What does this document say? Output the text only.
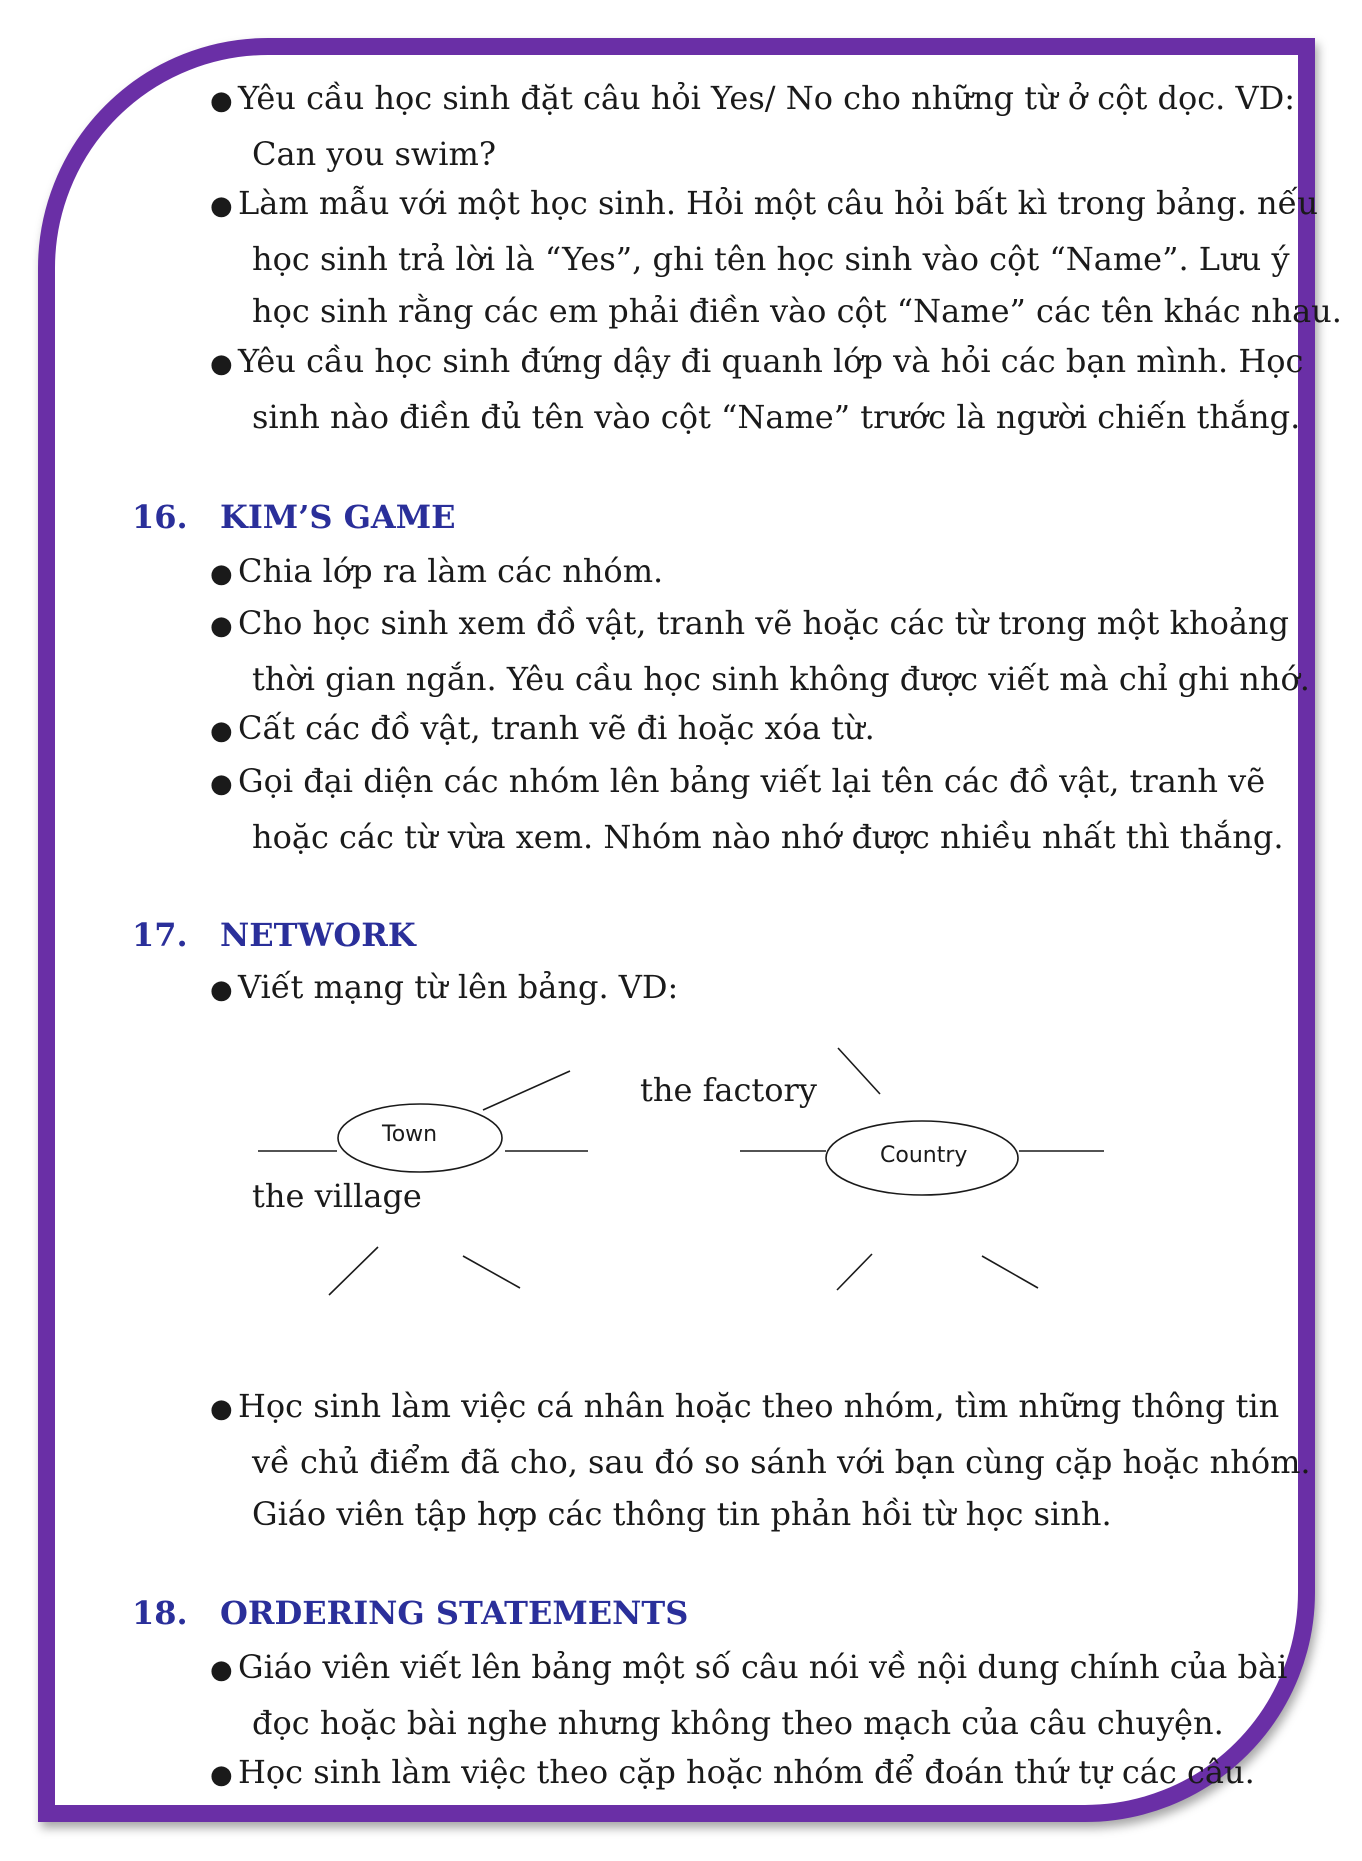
● Yêu cầu học sinh đặt câu hỏi Yes/ No cho những từ ở cột dọc. VD:
Can you swim?
● Làm mẫu với một học sinh. Hỏi một câu hỏi bất kì trong bảng. nếu
học sinh trả lời là “Yes”, ghi tên học sinh vào cột “Name”. Lưu ý
học sinh rằng các em phải điền vào cột “Name” các tên khác nhau.
● Yêu cầu học sinh đứng dậy đi quanh lớp và hỏi các bạn mình. Học
sinh nào điền đủ tên vào cột “Name” trước là người chiến thắng.
16. KIM’S GAME
● Chia lớp ra làm các nhóm.
● Cho học sinh xem đồ vật, tranh vẽ hoặc các từ trong một khoảng
thời gian ngắn. Yêu cầu học sinh không được viết mà chỉ ghi nhớ.
● Cất các đồ vật, tranh vẽ đi hoặc xóa từ.
● Gọi đại diện các nhóm lên bảng viết lại tên các đồ vật, tranh vẽ
hoặc các từ vừa xem. Nhóm nào nhớ được nhiều nhất thì thắng.
17. NETWORK
● Viết mạng từ lên bảng. VD:
Town
Country
the factory
the village
● Học sinh làm việc cá nhân hoặc theo nhóm, tìm những thông tin
về chủ điểm đã cho, sau đó so sánh với bạn cùng cặp hoặc nhóm.
Giáo viên tập hợp các thông tin phản hồi từ học sinh.
18. ORDERING STATEMENTS
● Giáo viên viết lên bảng một số câu nói về nội dung chính của bài
đọc hoặc bài nghe nhưng không theo mạch của câu chuyện.
● Học sinh làm việc theo cặp hoặc nhóm để đoán thứ tự các câu.
